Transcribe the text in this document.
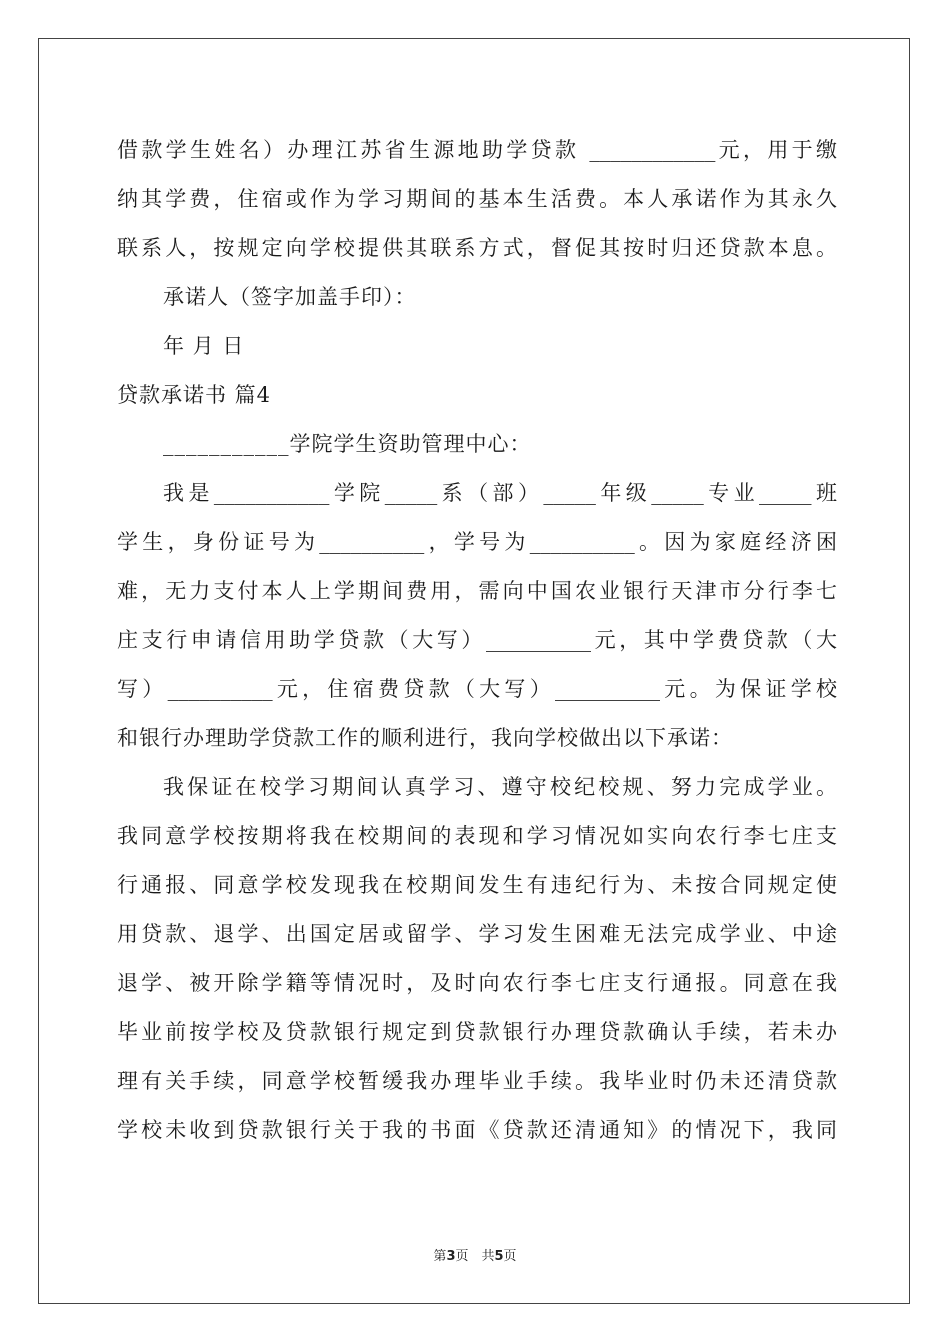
借款学生姓名）办理江苏省生源地助学贷款 ____________元，用于缴
纳其学费，住宿或作为学习期间的基本生活费。本人承诺作为其永久
联系人，按规定向学校提供其联系方式，督促其按时归还贷款本息。
承诺人（签字加盖手印）：
年 月 日
贷款承诺书 篇4
___________学院学生资助管理中心：
我是___________学院_____系（部）_____年级_____专业_____班
学生，身份证号为__________，学号为__________。因为家庭经济困
难，无力支付本人上学期间费用，需向中国农业银行天津市分行李七
庄支行申请信用助学贷款（大写）__________元，其中学费贷款（大
写）__________元，住宿费贷款（大写）__________元。为保证学校
和银行办理助学贷款工作的顺利进行，我向学校做出以下承诺：
我保证在校学习期间认真学习、遵守校纪校规、努力完成学业。
我同意学校按期将我在校期间的表现和学习情况如实向农行李七庄支
行通报、同意学校发现我在校期间发生有违纪行为、未按合同规定使
用贷款、退学、出国定居或留学、学习发生困难无法完成学业、中途
退学、被开除学籍等情况时，及时向农行李七庄支行通报。同意在我
毕业前按学校及贷款银行规定到贷款银行办理贷款确认手续，若未办
理有关手续，同意学校暂缓我办理毕业手续。我毕业时仍未还清贷款
学校未收到贷款银行关于我的书面《贷款还清通知》的情况下，我同
第3页　共5页
